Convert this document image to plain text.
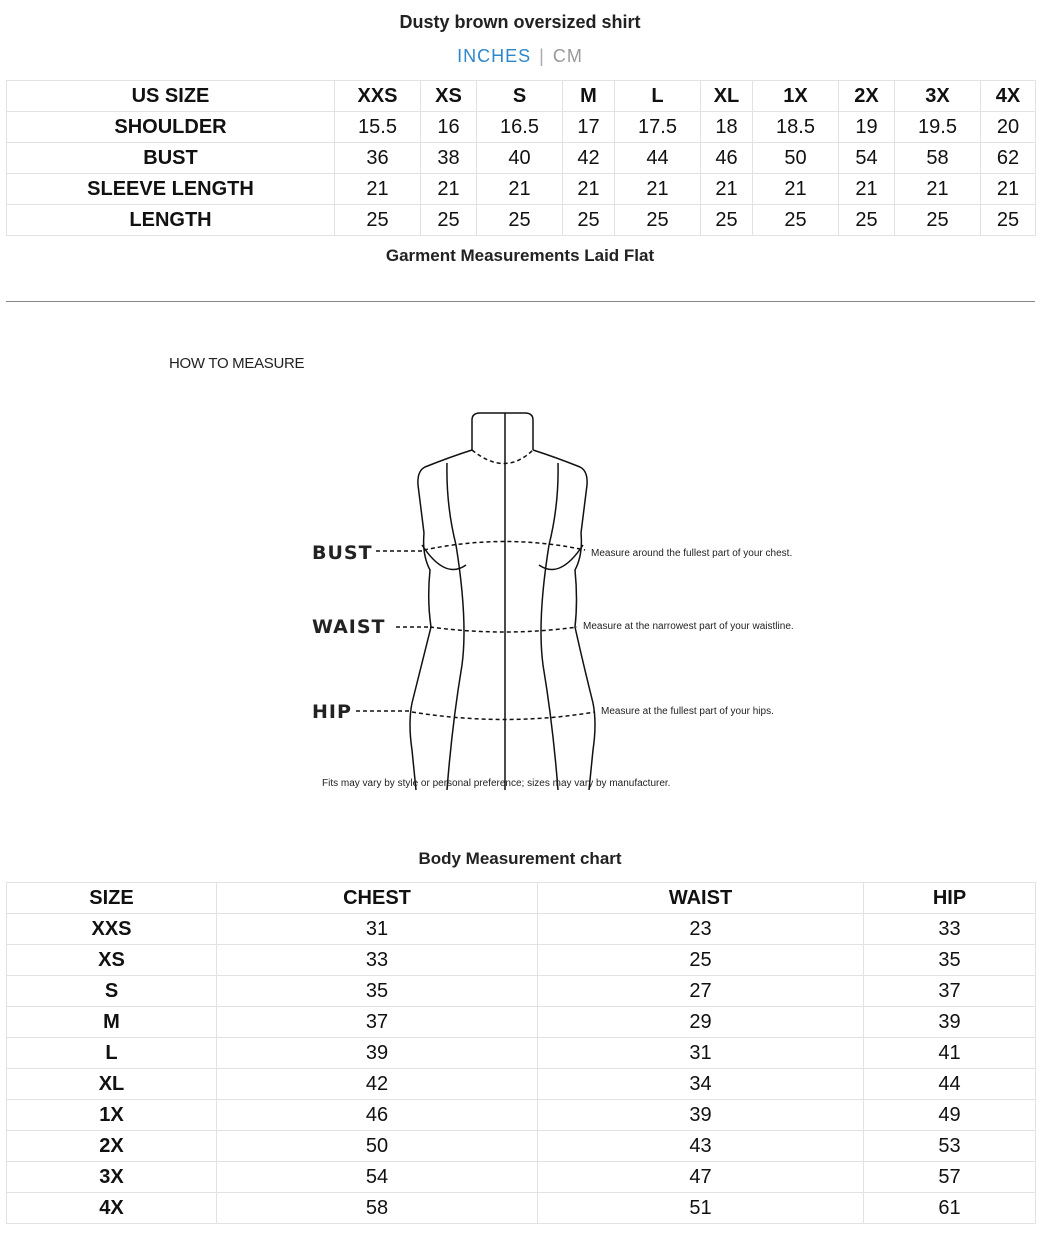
Dusty brown oversized shirt
INCHES | CM
US SIZE	XXS	XS	S	M	L	XL	1X	2X	3X	4X
SHOULDER	15.5	16	16.5	17	17.5	18	18.5	19	19.5	20
BUST	36	38	40	42	44	46	50	54	58	62
SLEEVE LENGTH	21	21	21	21	21	21	21	21	21	21
LENGTH	25	25	25	25	25	25	25	25	25	25
Garment Measurements Laid Flat
HOW TO MEASURE
BUST
WAIST
HIP
Measure around the fullest part of your chest.
Measure at the narrowest part of your waistline.
Measure at the fullest part of your hips.
Fits may vary by style or personal preference; sizes may vary by manufacturer.
Body Measurement chart
SIZE	CHEST	WAIST	HIP
XXS	31	23	33
XS	33	25	35
S	35	27	37
M	37	29	39
L	39	31	41
XL	42	34	44
1X	46	39	49
2X	50	43	53
3X	54	47	57
4X	58	51	61
